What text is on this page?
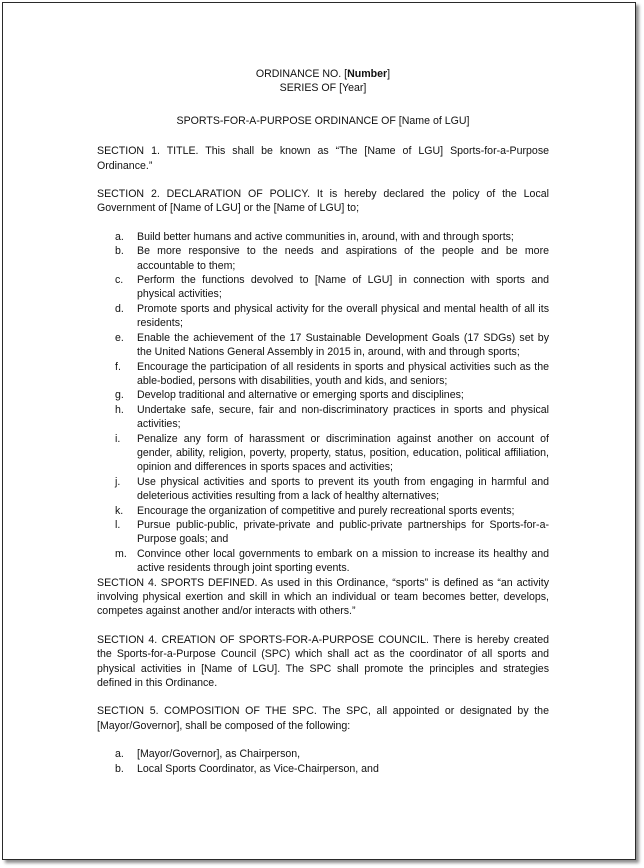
ORDINANCE NO. [Number]
SERIES OF [Year]
SPORTS-FOR-A-PURPOSE ORDINANCE OF [Name of LGU]
SECTION 1. TITLE. This shall be known as “The [Name of LGU] Sports-for-a-Purpose Ordinance.”
SECTION 2. DECLARATION OF POLICY. It is hereby declared the policy of the Local Government of [Name of LGU] or the [Name of LGU] to;
a. Build better humans and active communities in, around, with and through sports;
b. Be more responsive to the needs and aspirations of the people and be more accountable to them;
c. Perform the functions devolved to [Name of LGU] in connection with sports and physical activities;
d. Promote sports and physical activity for the overall physical and mental health of all its residents;
e. Enable the achievement of the 17 Sustainable Development Goals (17 SDGs) set by the United Nations General Assembly in 2015 in, around, with and through sports;
f. Encourage the participation of all residents in sports and physical activities such as the able-bodied, persons with disabilities, youth and kids, and seniors;
g. Develop traditional and alternative or emerging sports and disciplines;
h. Undertake safe, secure, fair and non-discriminatory practices in sports and physical activities;
i. Penalize any form of harassment or discrimination against another on account of gender, ability, religion, poverty, property, status, position, education, political affiliation, opinion and differences in sports spaces and activities;
j. Use physical activities and sports to prevent its youth from engaging in harmful and deleterious activities resulting from a lack of healthy alternatives;
k. Encourage the organization of competitive and purely recreational sports events;
l. Pursue public-public, private-private and public-private partnerships for Sports-for-a-Purpose goals; and
m. Convince other local governments to embark on a mission to increase its healthy and active residents through joint sporting events.
SECTION 4. SPORTS DEFINED. As used in this Ordinance, “sports” is defined as “an activity involving physical exertion and skill in which an individual or team becomes better, develops, competes against another and/or interacts with others.”
SECTION 4. CREATION OF SPORTS-FOR-A-PURPOSE COUNCIL. There is hereby created the Sports-for-a-Purpose Council (SPC) which shall act as the coordinator of all sports and physical activities in [Name of LGU]. The SPC shall promote the principles and strategies defined in this Ordinance.
SECTION 5. COMPOSITION OF THE SPC. The SPC, all appointed or designated by the [Mayor/Governor], shall be composed of the following:
a. [Mayor/Governor], as Chairperson,
b. Local Sports Coordinator, as Vice-Chairperson, and
